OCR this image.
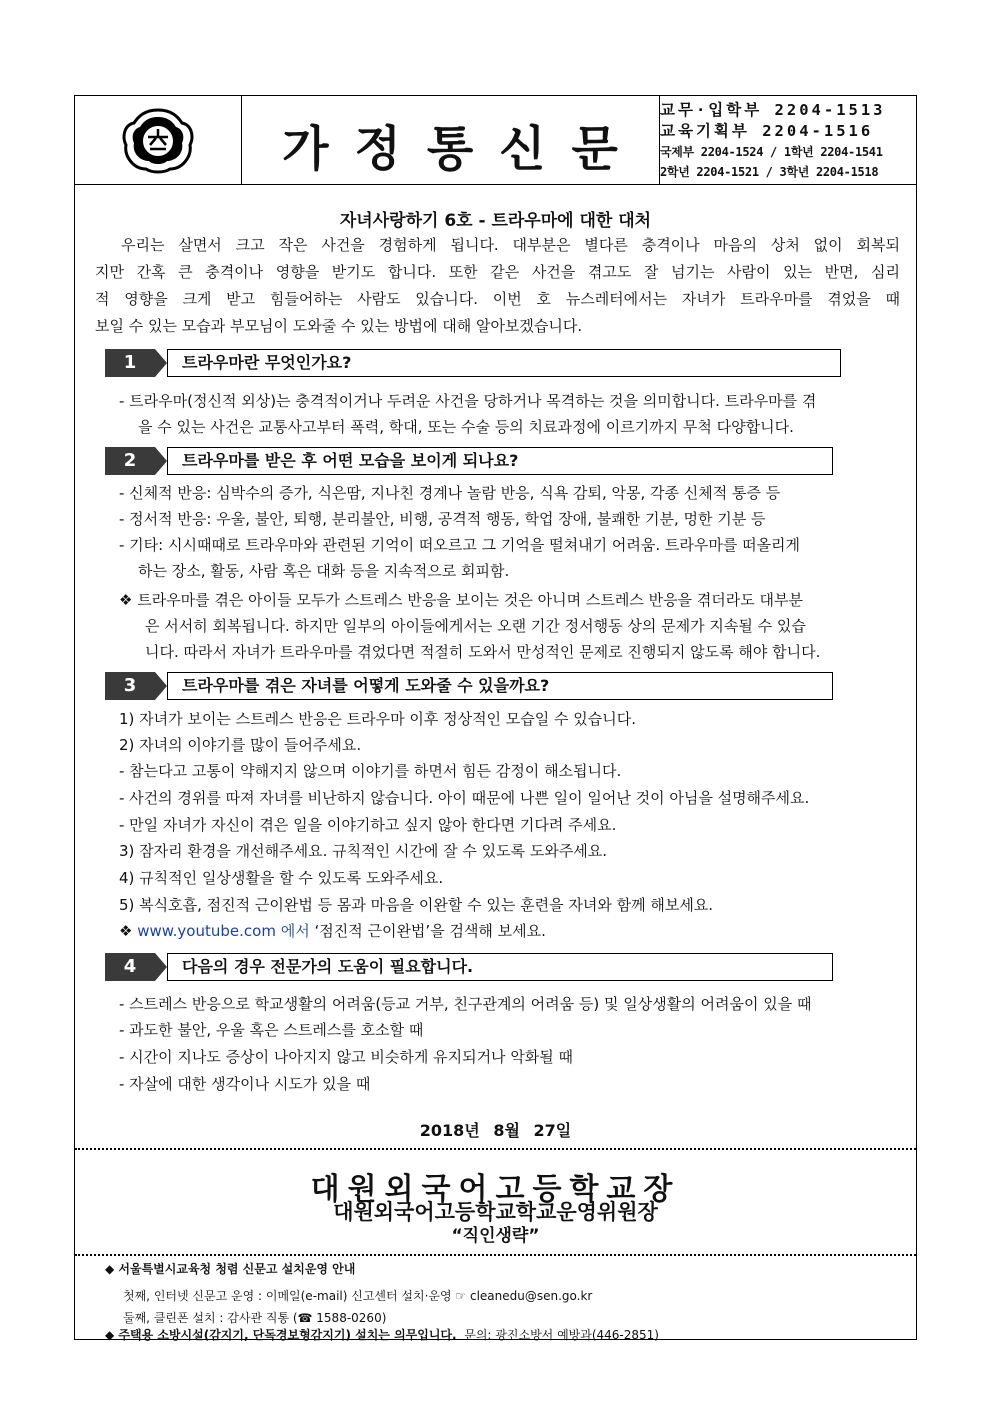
가정통신문
교무·입학부 2204-1513
교육기획부 2204-1516
국제부 2204-1524 / 1학년 2204-1541
2학년 2204-1521 / 3학년 2204-1518
자녀사랑하기 6호 - 트라우마에 대한 대처
우리는 살면서 크고 작은 사건을 경험하게 됩니다. 대부분은 별다른 충격이나 마음의 상처 없이 회복되
지만 간혹 큰 충격이나 영향을 받기도 합니다. 또한 같은 사건을 겪고도 잘 넘기는 사람이 있는 반면, 심리
적 영향을 크게 받고 힘들어하는 사람도 있습니다. 이번 호 뉴스레터에서는 자녀가 트라우마를 겪었을 때
보일 수 있는 모습과 부모님이 도와줄 수 있는 방법에 대해 알아보겠습니다.
1	트라우마란 무엇인가요?
- 트라우마(정신적 외상)는 충격적이거나 두려운 사건을 당하거나 목격하는 것을 의미합니다. 트라우마를 겪
을 수 있는 사건은 교통사고부터 폭력, 학대, 또는 수술 등의 치료과정에 이르기까지 무척 다양합니다.
2	트라우마를 받은 후 어떤 모습을 보이게 되나요?
- 신체적 반응: 심박수의 증가, 식은땀, 지나친 경계나 놀람 반응, 식욕 감퇴, 악몽, 각종 신체적 통증 등
- 정서적 반응: 우울, 불안, 퇴행, 분리불안, 비행, 공격적 행동, 학업 장애, 불쾌한 기분, 멍한 기분 등
- 기타: 시시때때로 트라우마와 관련된 기억이 떠오르고 그 기억을 떨쳐내기 어려움. 트라우마를 떠올리게
하는 장소, 활동, 사람 혹은 대화 등을 지속적으로 회피함.
❖ 트라우마를 겪은 아이들 모두가 스트레스 반응을 보이는 것은 아니며 스트레스 반응을 겪더라도 대부분
은 서서히 회복됩니다. 하지만 일부의 아이들에게서는 오랜 기간 정서행동 상의 문제가 지속될 수 있습
니다. 따라서 자녀가 트라우마를 겪었다면 적절히 도와서 만성적인 문제로 진행되지 않도록 해야 합니다.
3	트라우마를 겪은 자녀를 어떻게 도와줄 수 있을까요?
1) 자녀가 보이는 스트레스 반응은 트라우마 이후 정상적인 모습일 수 있습니다.
2) 자녀의 이야기를 많이 들어주세요.
- 참는다고 고통이 약해지지 않으며 이야기를 하면서 힘든 감정이 해소됩니다.
- 사건의 경위를 따져 자녀를 비난하지 않습니다. 아이 때문에 나쁜 일이 일어난 것이 아님을 설명해주세요.
- 만일 자녀가 자신이 겪은 일을 이야기하고 싶지 않아 한다면 기다려 주세요.
3) 잠자리 환경을 개선해주세요. 규칙적인 시간에 잘 수 있도록 도와주세요.
4) 규칙적인 일상생활을 할 수 있도록 도와주세요.
5) 복식호흡, 점진적 근이완법 등 몸과 마음을 이완할 수 있는 훈련을 자녀와 함께 해보세요.
❖ www.youtube.com 에서 ‘점진적 근이완법’을 검색해 보세요.
4	다음의 경우 전문가의 도움이 필요합니다.
- 스트레스 반응으로 학교생활의 어려움(등교 거부, 친구관계의 어려움 등) 및 일상생활의 어려움이 있을 때
- 과도한 불안, 우울 혹은 스트레스를 호소할 때
- 시간이 지나도 증상이 나아지지 않고 비슷하게 유지되거나 악화될 때
- 자살에 대한 생각이나 시도가 있을 때
2018년 8월 27일
대원외국어고등학교장
대원외국어고등학교학교운영위원장
“직인생략”
◆ 서울특별시교육청 청렴 신문고 설치운영 안내
첫째, 인터넷 신문고 운영 : 이메일(e-mail) 신고센터 설치·운영 ☞ cleanedu@sen.go.kr
둘째, 클린폰 설치 : 감사관 직통 (☎ 1588-0260)
◆ 주택용 소방시설(감지기, 단독경보형감지기) 설치는 의무입니다. 문의: 광진소방서 예방과(446-2851)
